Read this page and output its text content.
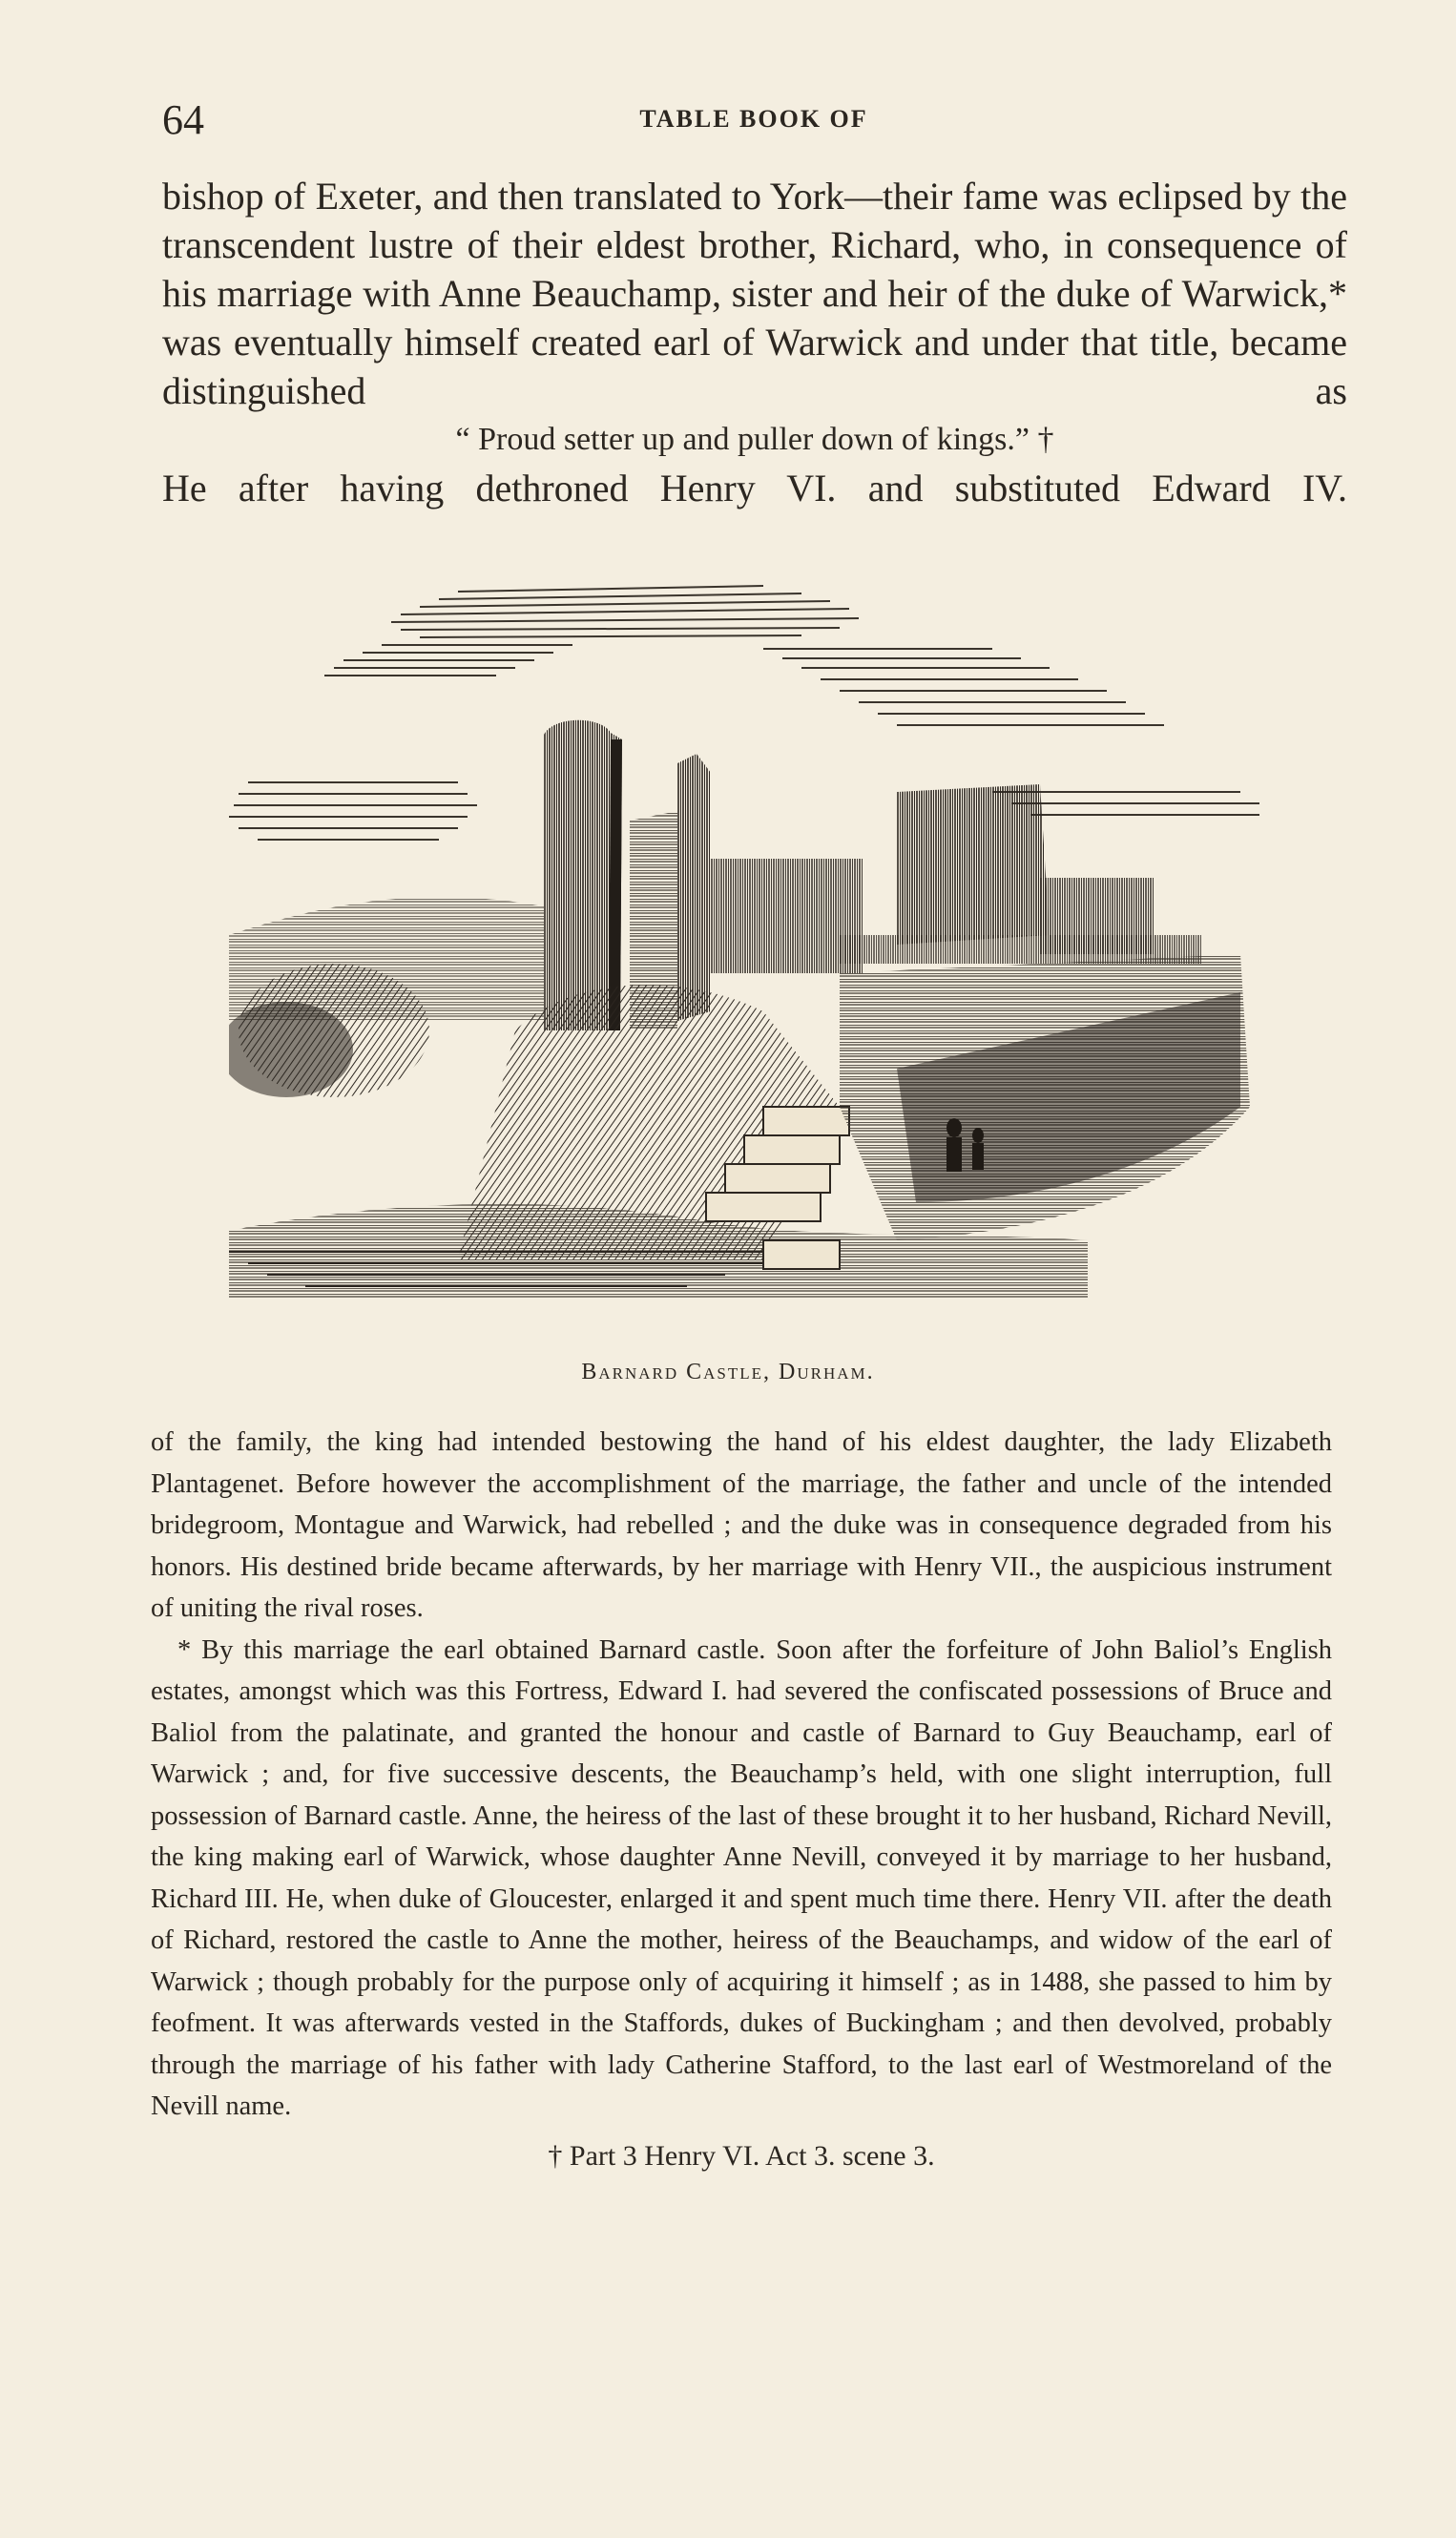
64	TABLE BOOK OF

bishop of Exeter, and then translated to York—their fame was eclipsed by the transcendent lustre of their eldest brother, Richard, who, in consequence of his marriage with Anne Beauchamp, sister and heir of the duke of Warwick,* was eventually himself created earl of Warwick and under that title, became distinguished as

“ Proud setter up and puller down of kings.” †

He after having dethroned Henry VI. and substituted Edward IV.

Barnard Castle, Durham.

of the family, the king had intended bestowing the hand of his eldest daughter, the lady Elizabeth Plantagenet. Before however the accomplishment of the marriage, the father and uncle of the intended bridegroom, Montague and Warwick, had rebelled ; and the duke was in consequence degraded from his honors. His destined bride became afterwards, by her marriage with Henry VII., the auspicious instrument of uniting the rival roses.

* By this marriage the earl obtained Barnard castle. Soon after the forfeiture of John Baliol’s English estates, amongst which was this Fortress, Edward I. had severed the confiscated possessions of Bruce and Baliol from the palatinate, and granted the honour and castle of Barnard to Guy Beauchamp, earl of Warwick ; and, for five successive descents, the Beauchamp’s held, with one slight interruption, full possession of Barnard castle. Anne, the heiress of the last of these brought it to her husband, Richard Nevill, the king making earl of Warwick, whose daughter Anne Nevill, conveyed it by marriage to her husband, Richard III. He, when duke of Gloucester, enlarged it and spent much time there. Henry VII. after the death of Richard, restored the castle to Anne the mother, heiress of the Beauchamps, and widow of the earl of Warwick ; though probably for the purpose only of acquiring it himself ; as in 1488, she passed to him by feofment. It was afterwards vested in the Staffords, dukes of Buckingham ; and then devolved, probably through the marriage of his father with lady Catherine Stafford, to the last earl of Westmoreland of the Nevill name.

† Part 3 Henry VI. Act 3. scene 3.
